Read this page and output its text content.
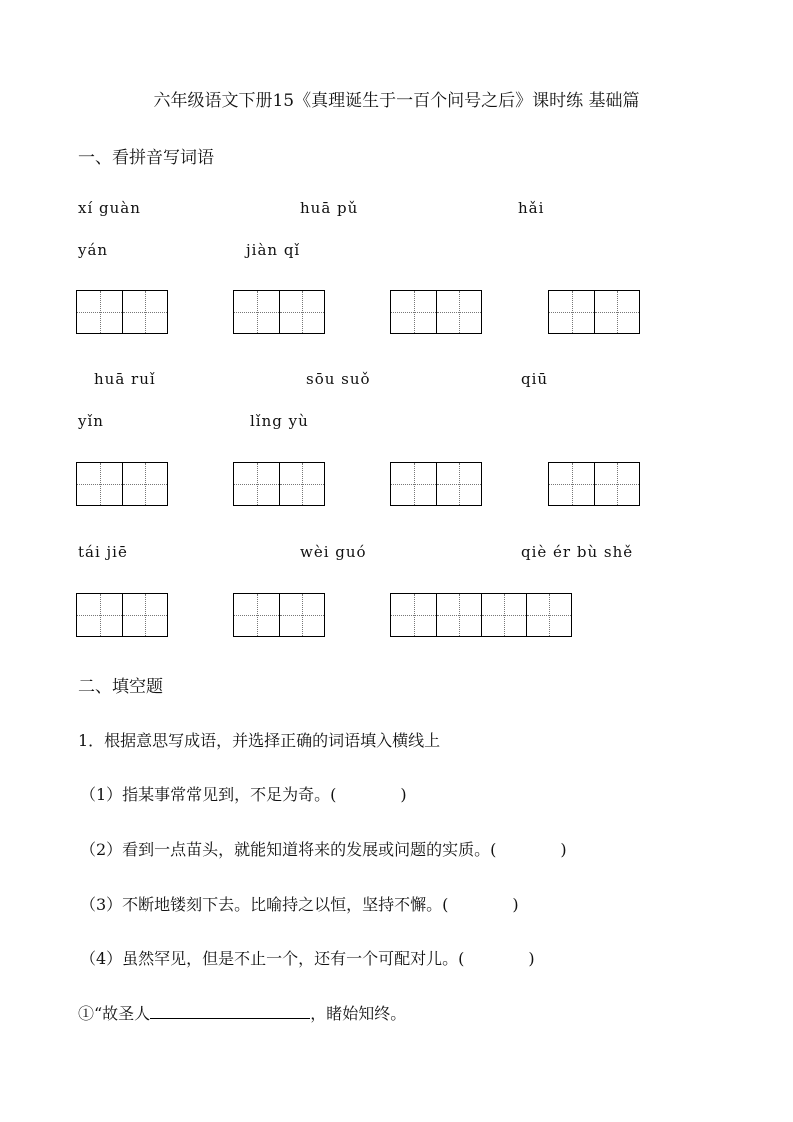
六年级语文下册15《真理诞生于一百个问号之后》课时练 基础篇
一、看拼音写词语
xí guàn	huā pǔ	hǎi
yán	jiàn qǐ
huā ruǐ	sōu suǒ	qiū
yǐn	lǐng yù
tái jiē	wèi guó	qiè ér bù shě
二、填空题
1．根据意思写成语，并选择正确的词语填入横线上
（1）指某事常常见到，不足为奇。(　　　　)
（2）看到一点苗头，就能知道将来的发展或问题的实质。(　　　　)
（3）不断地镂刻下去。比喻持之以恒，坚持不懈。(　　　　)
（4）虽然罕见，但是不止一个，还有一个可配对儿。(　　　　)
①“故圣人	，睹始知终。
